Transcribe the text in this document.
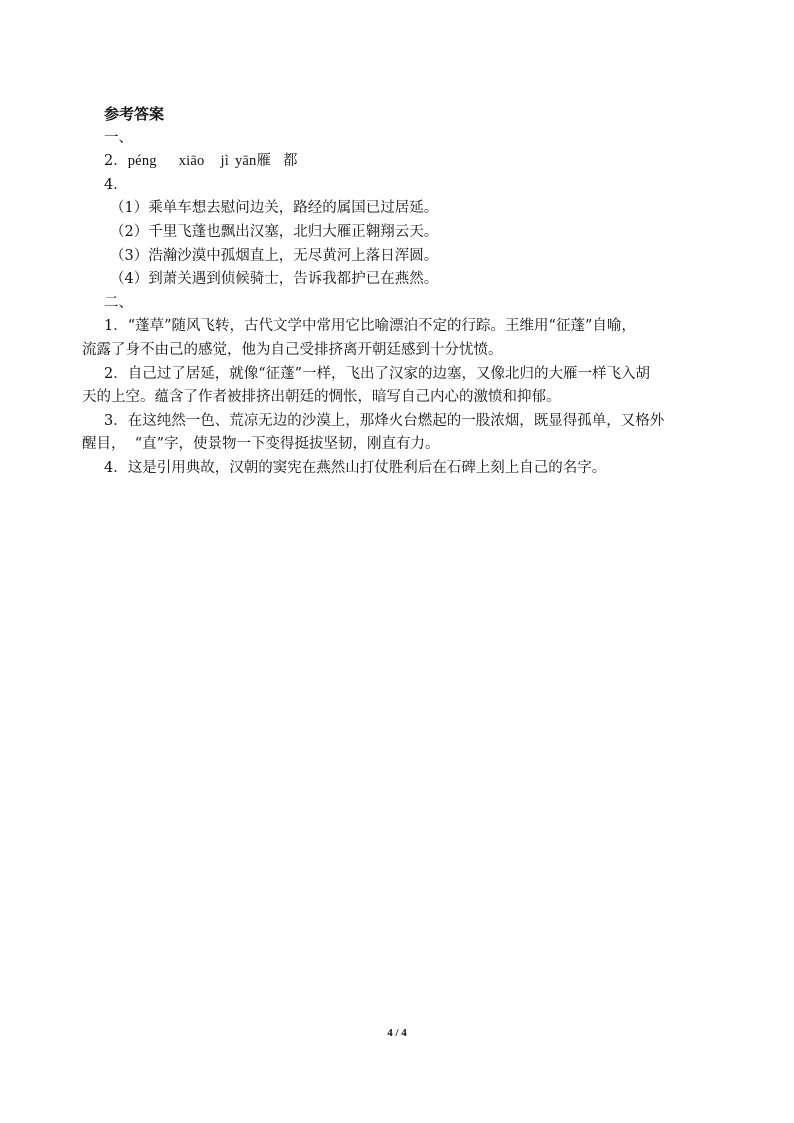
参考答案
一、
2．péng xiāo jì yān雁 都
4．
（1）乘单车想去慰问边关，路经的属国已过居延。
（2）千里飞蓬也飘出汉塞，北归大雁正翱翔云天。
（3）浩瀚沙漠中孤烟直上，无尽黄河上落日浑圆。
（4）到萧关遇到侦候骑士，告诉我都护已在燕然。
二、
1．“蓬草”随风飞转，古代文学中常用它比喻漂泊不定的行踪。王维用“征蓬”自喻，
流露了身不由己的感觉，他为自己受排挤离开朝廷感到十分忧愤。
2．自己过了居延，就像“征蓬”一样，飞出了汉家的边塞，又像北归的大雁一样飞入胡
天的上空。蕴含了作者被排挤出朝廷的惆怅，暗写自己内心的激愤和抑郁。
3．在这纯然一色、荒凉无边的沙漠上，那烽火台燃起的一股浓烟，既显得孤单，又格外
醒目，  “直”字，使景物一下变得挺拔坚韧，刚直有力。
4．这是引用典故，汉朝的窦宪在燕然山打仗胜利后在石碑上刻上自己的名字。
4 / 4
